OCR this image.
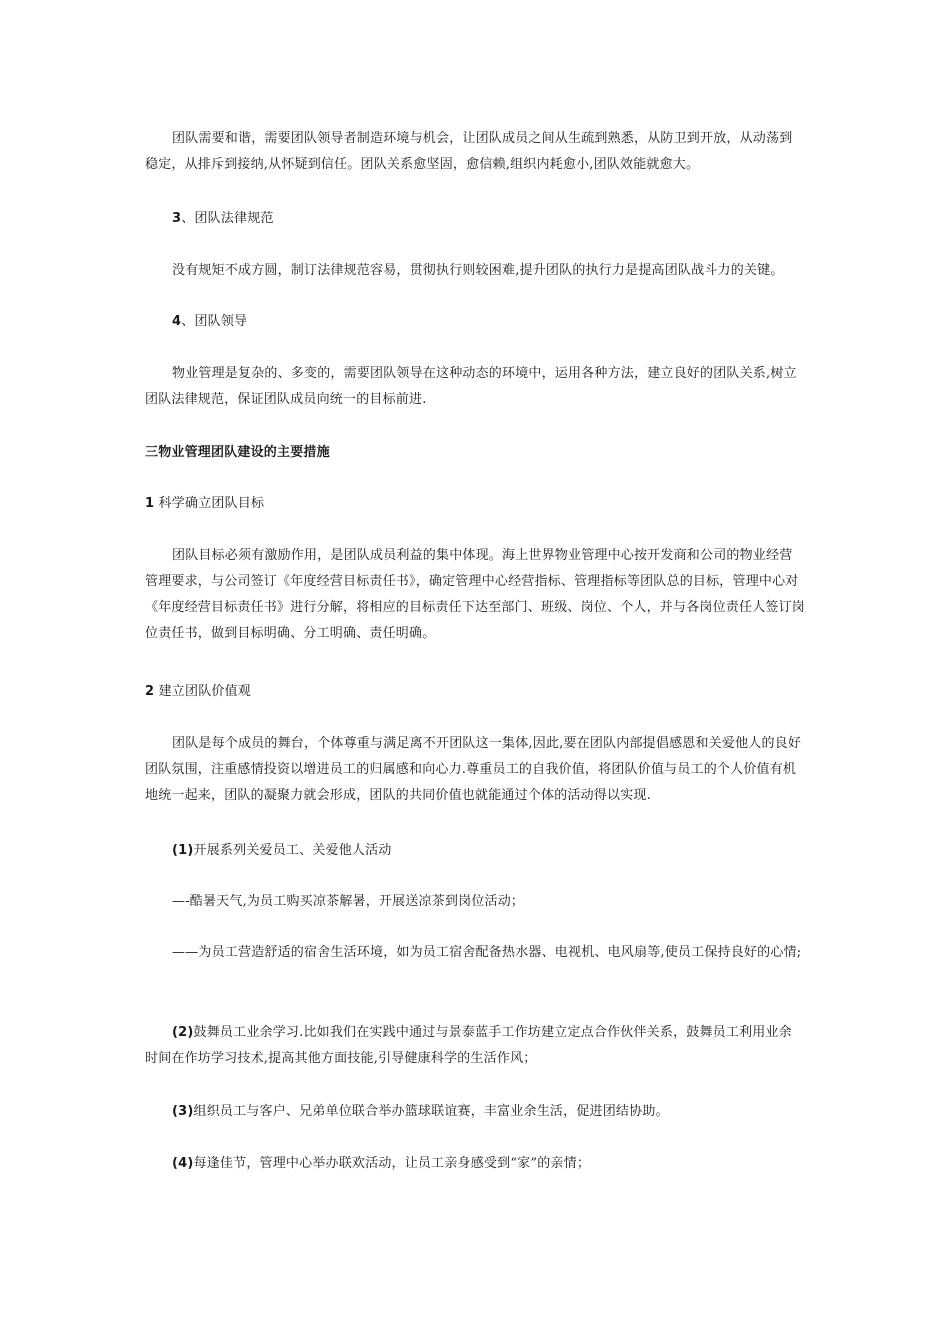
团队需要和谐，需要团队领导者制造环境与机会，让团队成员之间从生疏到熟悉，从防卫到开放，从动荡到稳定，从排斥到接纳,从怀疑到信任。团队关系愈坚固，愈信赖,组织内耗愈小,团队效能就愈大。

3、团队法律规范

没有规矩不成方圆，制订法律规范容易，贯彻执行则较困难,提升团队的执行力是提高团队战斗力的关键。

4、团队领导

物业管理是复杂的、多变的，需要团队领导在这种动态的环境中，运用各种方法，建立良好的团队关系,树立团队法律规范，保证团队成员向统一的目标前进.

三物业管理团队建设的主要措施

1 科学确立团队目标

团队目标必须有激励作用，是团队成员利益的集中体现。海上世界物业管理中心按开发商和公司的物业经营管理要求，与公司签订《年度经营目标责任书》，确定管理中心经营指标、管理指标等团队总的目标，管理中心对《年度经营目标责任书》进行分解，将相应的目标责任下达至部门、班级、岗位、个人，并与各岗位责任人签订岗位责任书，做到目标明确、分工明确、责任明确。

2 建立团队价值观

团队是每个成员的舞台，个体尊重与满足离不开团队这一集体,因此,要在团队内部提倡感恩和关爱他人的良好团队氛围，注重感情投资以增进员工的归属感和向心力.尊重员工的自我价值，将团队价值与员工的个人价值有机地统一起来，团队的凝聚力就会形成，团队的共同价值也就能通过个体的活动得以实现.

(1)开展系列关爱员工、关爱他人活动

—-酷暑天气,为员工购买凉茶解暑，开展送凉茶到岗位活动；

——为员工营造舒适的宿舍生活环境，如为员工宿舍配备热水器、电视机、电风扇等,使员工保持良好的心情;

(2)鼓舞员工业余学习.比如我们在实践中通过与景泰蓝手工作坊建立定点合作伙伴关系，鼓舞员工利用业余时间在作坊学习技术,提高其他方面技能,引导健康科学的生活作风；

(3)组织员工与客户、兄弟单位联合举办篮球联谊赛，丰富业余生活，促进团结协助。

(4)每逢佳节，管理中心举办联欢活动，让员工亲身感受到“家”的亲情；
